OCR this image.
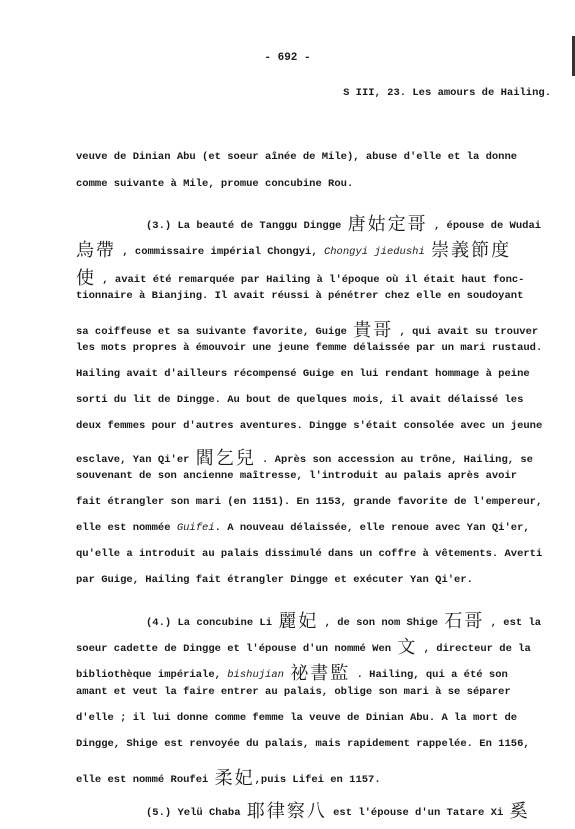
- 692 -
S III, 23. Les amours de Hailing.
veuve de Dinian Abu (et soeur aînée de Mile), abuse d'elle et la donne
comme suivante à Mile, promue concubine Rou.
(3.) La beauté de Tanggu Dingge 唐姑定哥 , épouse de Wudai
烏帶 , commissaire impérial Chongyi, Chongyi jiedushi 崇義節度
使 , avait été remarquée par Hailing à l'époque où il était haut fonc-
tionnaire à Bianjing. Il avait réussi à pénétrer chez elle en soudoyant
sa coiffeuse et sa suivante favorite, Guige 貴哥 , qui avait su trouver
les mots propres à émouvoir une jeune femme délaissée par un mari rustaud.
Hailing avait d'ailleurs récompensé Guige en lui rendant hommage à peine
sorti du lit de Dingge. Au bout de quelques mois, il avait délaissé les
deux femmes pour d'autres aventures. Dingge s'était consolée avec un jeune
esclave, Yan Qi'er 閻乞兒 . Après son accession au trône, Hailing, se
souvenant de son ancienne maîtresse, l'introduit au palais après avoir
fait étrangler son mari (en 1151). En 1153, grande favorite de l'empereur,
elle est nommée Guifei. A nouveau délaissée, elle renoue avec Yan Qi'er,
qu'elle a introduit au palais dissimulé dans un coffre à vêtements. Averti
par Guige, Hailing fait étrangler Dingge et exécuter Yan Qi'er.
(4.) La concubine Li 麗妃 , de son nom Shige 石哥 , est la
soeur cadette de Dingge et l'épouse d'un nommé Wen 文 , directeur de la
bibliothèque impériale, bishujian 祕書監 . Hailing, qui a été son
amant et veut la faire entrer au palais, oblige son mari à se séparer
d'elle ; il lui donne comme femme la veuve de Dinian Abu. A la mort de
Dingge, Shige est renvoyée du palais, mais rapidement rappelée. En 1156,
elle est nommé Roufei 柔妃,puis Lifei en 1157.
(5.) Yelü Chaba 耶律察八 est l'épouse d'un Tatare Xi 奚
